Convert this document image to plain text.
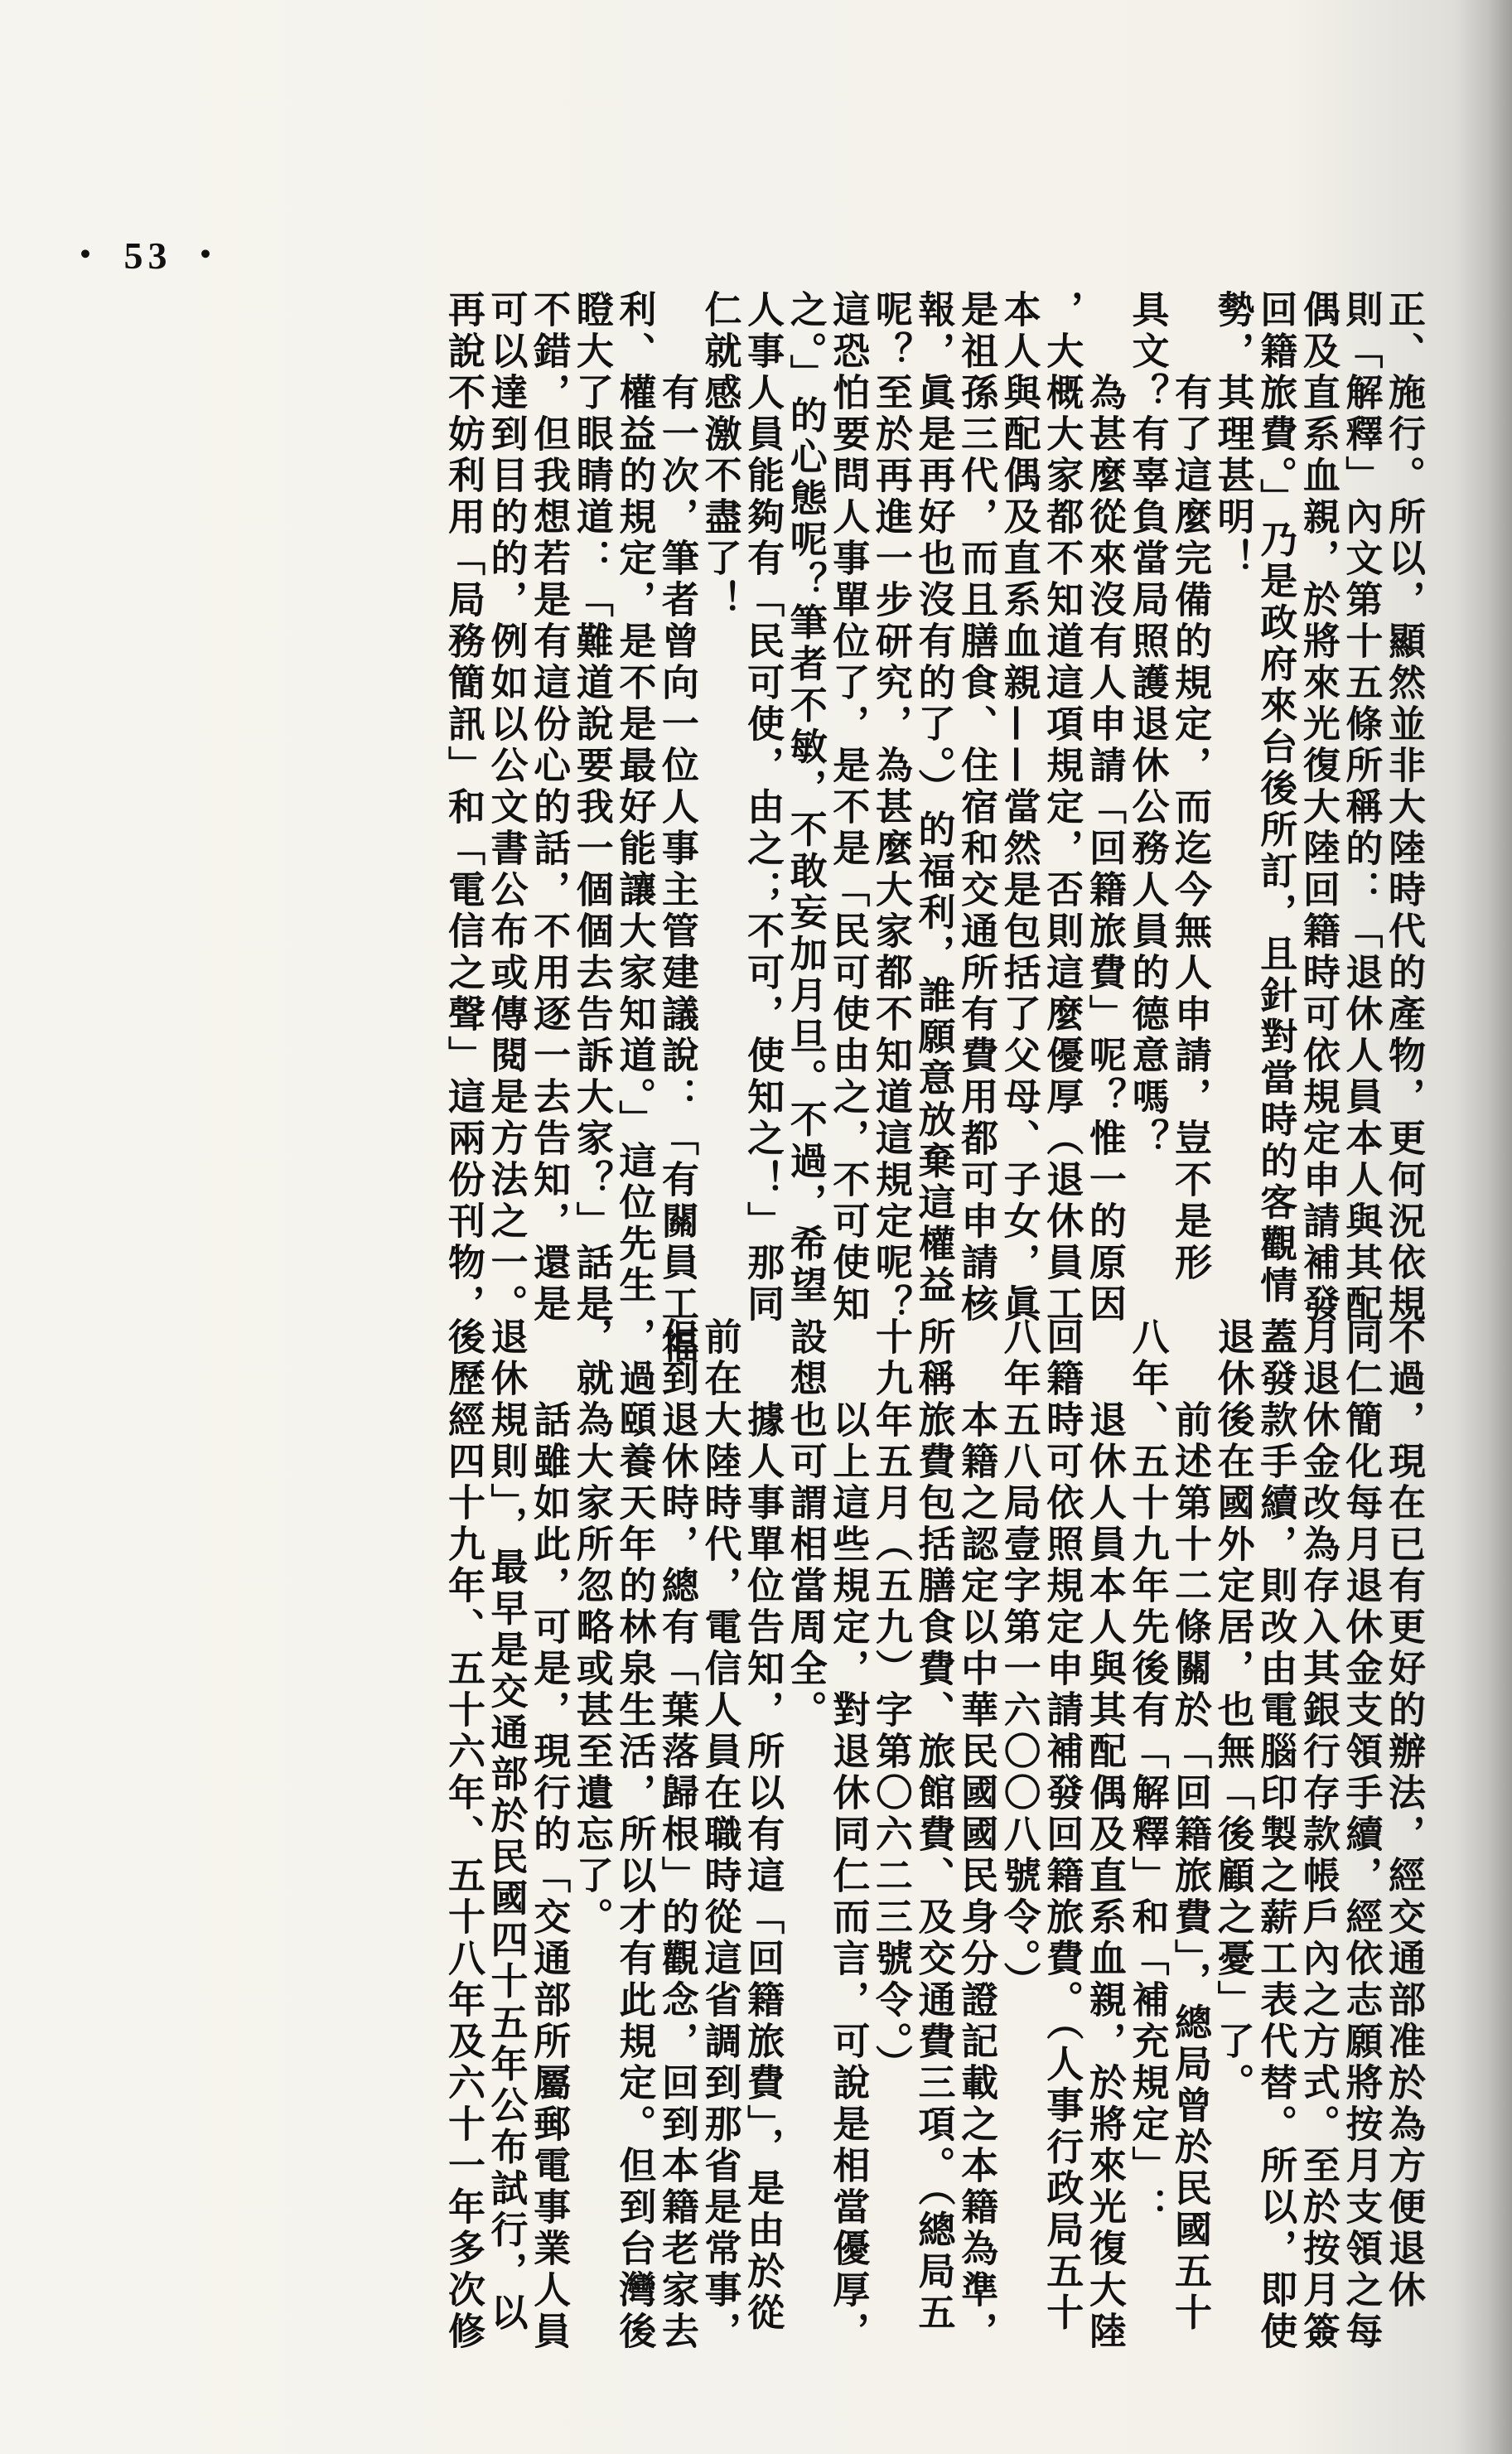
・ 53 ・
正、施行。所以，顯然並非大陸時代的產物，更何況依規
則「解釋」內文第十五條所稱的：「退休人員本人與其配
偶及直系血親，於將來光復大陸回籍時可依規定申請補發
回籍旅費。」乃是政府來台後所訂，且針對當時的客觀情
勢，其理甚明！
　　有了這麼完備的規定，而迄今無人申請，豈不是形
具文？有辜負當局照護退休公務人員的德意嗎？
　　為甚麼從來沒有人申請「回籍旅費」呢？惟一的原因
，大概大家都不知道這項規定，否則這麼優厚（退休員工
本人與配偶及直系血親——當然是包括了父母、子女，眞
是祖孫三代，而且膳食、住宿和交通所有費用都可申請核
報，眞是再好也沒有的了。）的福利，誰願意放棄這權益
呢？至於再進一步研究，為甚麼大家都不知道這規定呢？
這恐怕要問人事單位了，是不是「民可使由之，不可使知
之。」的心態呢？筆者不敏，不敢妄加月旦。不過，希望
人事人員能夠有「民可使，由之；不可，使知之！」那同
仁就感激不盡了！
　　有一次，筆者曾向一位人事主管建議說：「有關員工福
利、權益的規定，是不是最好能讓大家知道。」這位先生
瞪大了眼睛道：「難道說要我一個個去告訴大家？」話是
不錯，但我想若是有這份心的話，不用逐一去告知，還是
可以達到目的的，例如以公文書公布或傳閱是方法之一。
再說不妨利用「局務簡訊」和「電信之聲」這兩份刊物，
不過，現在已有更好的辦法，經交通部准於為方便退休
同仁簡化每月退休金支領手續，經依志願將按月支領之每
月退休金改為存入其銀行存款帳戶內之方式。至於按月簽
蓋發款手續，則改由電腦印製之薪工表代替。所以，即使
退休後在國外定居，也無「後顧之憂」了。
　　前述第十二條關於「回籍旅費」，總局曾於民國五十
八年、五十九年先後有「解釋」和「補充規定」：
　　退休人員本人與其配偶及直系血親，於將來光復大陸
回籍時可依照規定申請補發回籍旅費。（人事行政局五十
八年五八局壹字第一六〇〇八號令。）
　　本籍之認定以中華民國國民身分證記載之本籍為準，
所稱旅費包括膳食費、旅館費、及交通費三項。（總局五
十九年五月（五九）字第〇六二三號令。）
　　以上這些規定，對退休同仁而言，可說是相當優厚，
設想也可謂相當周全。
　　據人事單位告知，所以有這「回籍旅費」，是由於從
前在大陸時代，電信人員在職時從這省調到那省是常事，
但到退休時，總有「葉落歸根」的觀念，回到本籍老家去
，過頤養天年的林泉生活，所以才有此規定。但到台灣後
，就為大家所忽略或甚至遺忘了。
　　話雖如此，可是，現行的「交通部所屬郵電事業人員
退休規則」，最早是交通部於民國四十五年公布試行，以
後歷經四十九年、五十六年、五十八年及六十一年多次修
